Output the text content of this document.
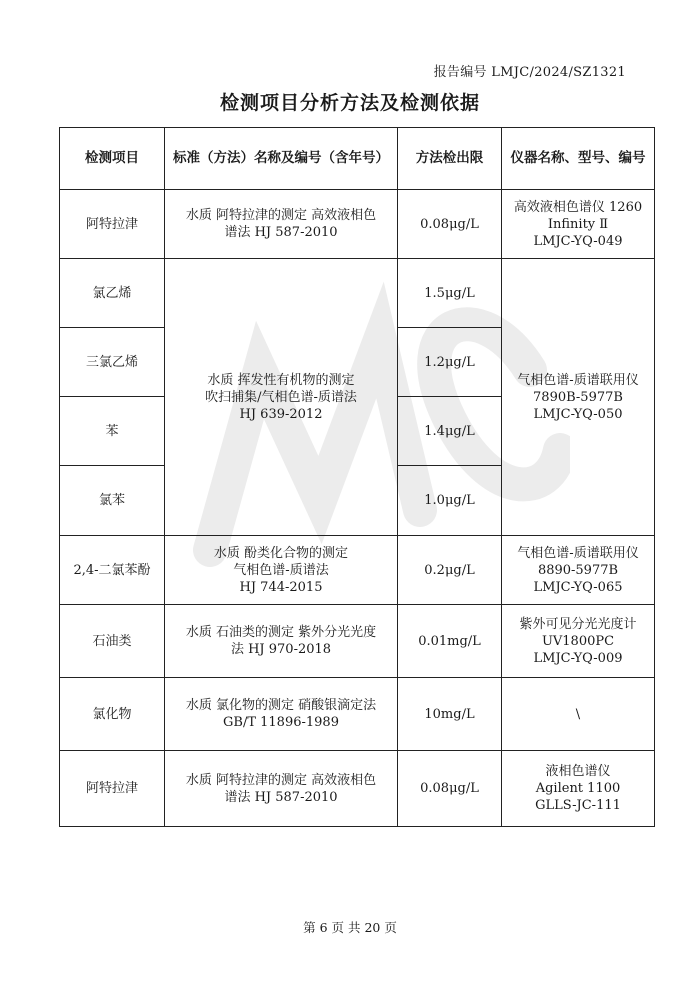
报告编号 LMJC/2024/SZ1321
检测项目分析方法及检测依据
检测项目	标准（方法）名称及编号（含年号）	方法检出限	仪器名称、型号、编号
阿特拉津	水质 阿特拉津的测定 高效液相色
谱法 HJ 587-2010	0.08μg/L	高效液相色谱仪 1260
Infinity Ⅱ
LMJC-YQ-049

氯乙烯	水质 挥发性有机物的测定
吹扫捕集/气相色谱-质谱法
HJ 639-2012	1.5μg/L	气相色谱-质谱联用仪
7890B-5977B
LMJC-YQ-050

三氯乙烯		1.2μg/L	
苯		1.4μg/L	
氯苯		1.0μg/L	
2,4-二氯苯酚	水质 酚类化合物的测定
气相色谱-质谱法
HJ 744-2015	0.2μg/L	气相色谱-质谱联用仪
8890-5977B
LMJC-YQ-065

石油类	水质 石油类的测定 紫外分光光度
法 HJ 970-2018	0.01mg/L	紫外可见分光光度计
UV1800PC
LMJC-YQ-009

氯化物	水质 氯化物的测定 硝酸银滴定法
GB/T 11896-1989	10mg/L	\

阿特拉津	水质 阿特拉津的测定 高效液相色
谱法 HJ 587-2010	0.08μg/L	液相色谱仪
Agilent 1100
GLLS-JC-111
第 6 页 共 20 页
